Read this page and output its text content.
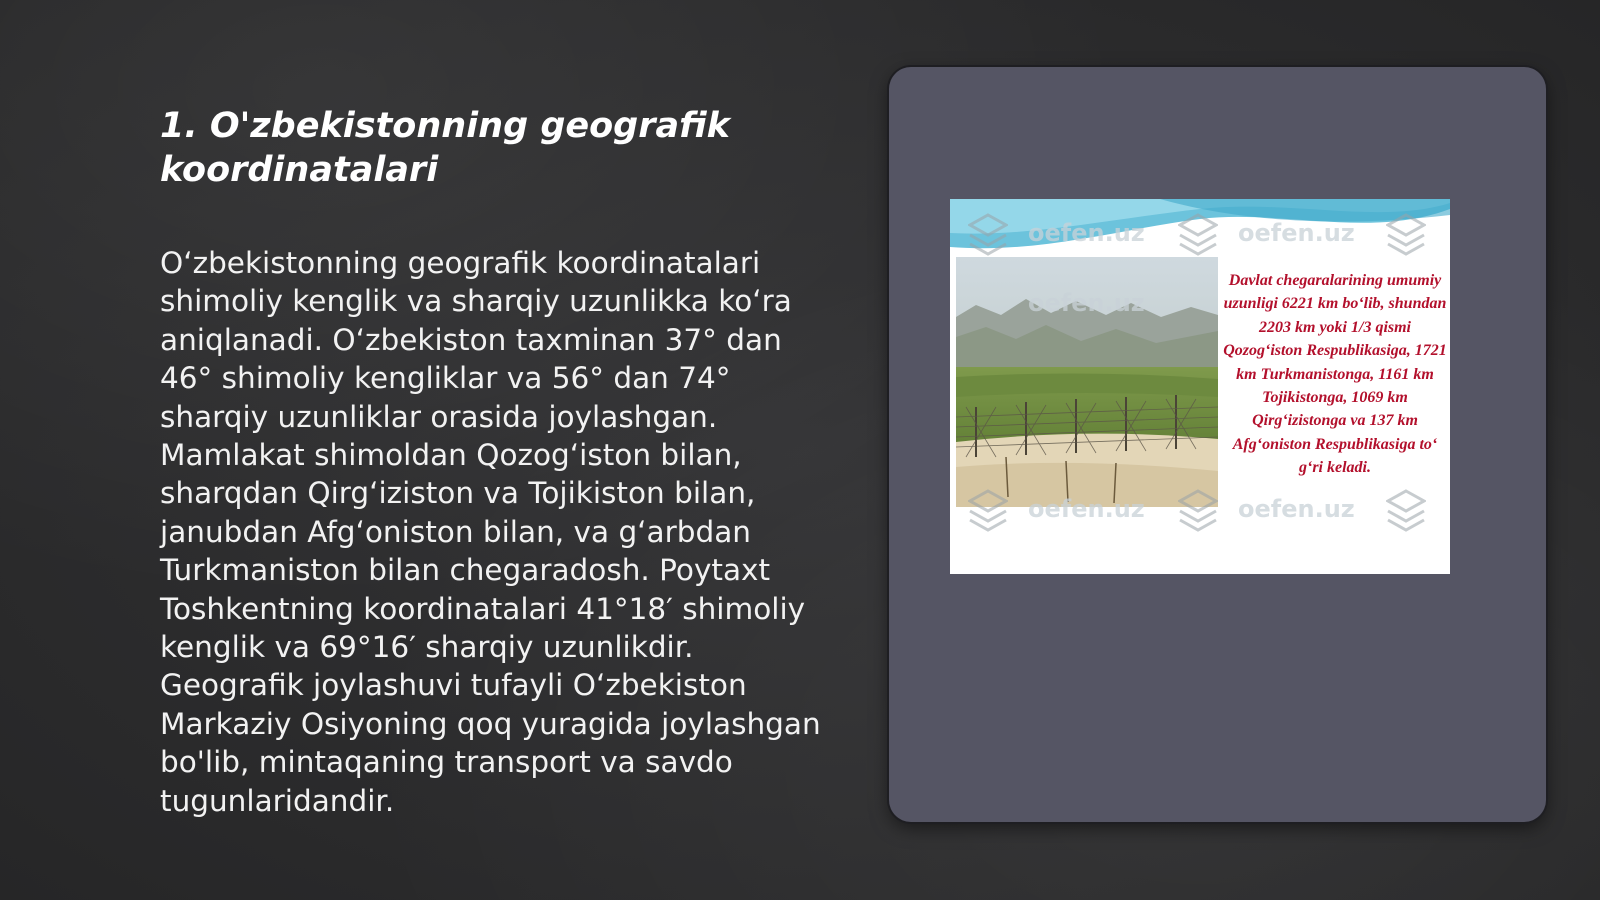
1. O'zbekistonning geografik koordinatalari

O‘zbekistonning geografik koordinatalari shimoliy kenglik va sharqiy uzunlikka ko‘ra aniqlanadi. O‘zbekiston taxminan 37° dan 46° shimoliy kengliklar va 56° dan 74° sharqiy uzunliklar orasida joylashgan. Mamlakat shimoldan Qozog‘iston bilan, sharqdan Qirg‘iziston va Tojikiston bilan, janubdan Afg‘oniston bilan, va g‘arbdan Turkmaniston bilan chegaradosh. Poytaxt Toshkentning koordinatalari 41°18′ shimoliy kenglik va 69°16′ sharqiy uzunlikdir. Geografik joylashuvi tufayli O‘zbekiston Markaziy Osiyoning qoq yuragida joylashgan bo'lib, mintaqaning transport va savdo tugunlaridandir.

oefen.uz	oefen.uz
oefen.uz
oefen.uz	oefen.uz

Davlat chegaralarining umumiy uzunligi 6221 km bo‘lib, shundan 2203 km yoki 1/3 qismi Qozog‘iston Respublikasiga, 1721 km Turkmanistonga, 1161 km Tojikistonga, 1069 km Qirg‘izistonga va 137 km Afg‘oniston Respublikasiga to‘ g‘ri keladi.
